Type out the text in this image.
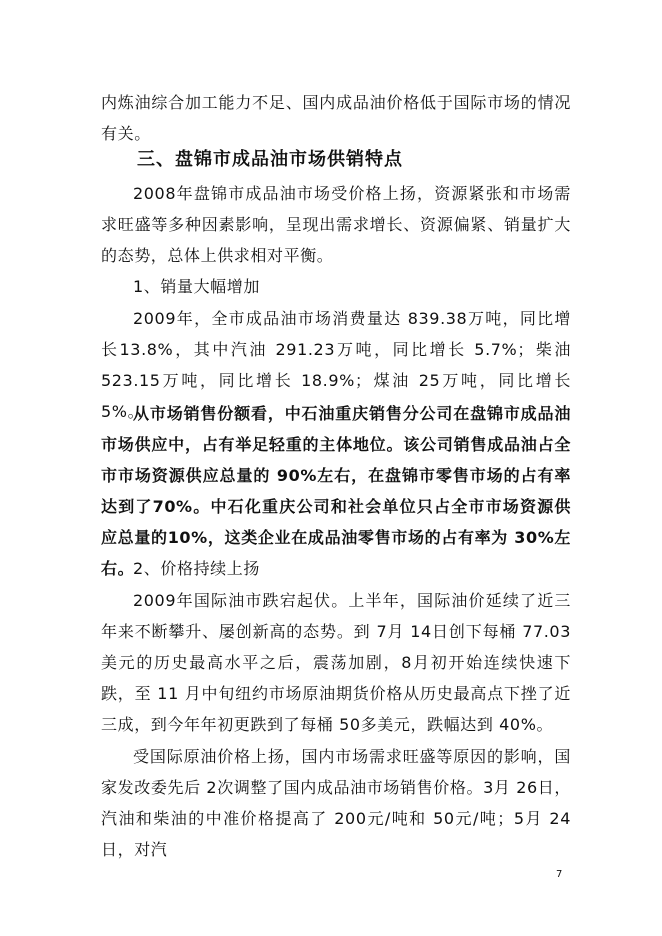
内炼油综合加工能力不足、国内成品油价格低于国际市场的情况有关。

三、盘锦市成品油市场供销特点

2008年盘锦市成品油市场受价格上扬，资源紧张和市场需求旺盛等多种因素影响，呈现出需求增长、资源偏紧、销量扩大的态势，总体上供求相对平衡。

1、销量大幅增加

2009年，全市成品油市场消费量达 839.38万吨，同比增长13.8%，其中汽油 291.23万吨，同比增长 5.7%；柴油 523.15万吨，同比增长 18.9%；煤油 25万吨，同比增长 5%。

从市场销售份额看，中石油重庆销售分公司在盘锦市成品油市场供应中，占有举足轻重的主体地位。该公司销售成品油占全市市场资源供应总量的 90%左右，在盘锦市零售市场的占有率达到了70%。中石化重庆公司和社会单位只占全市市场资源供应总量的10%，这类企业在成品油零售市场的占有率为 30%左右。

2、价格持续上扬

2009年国际油市跌宕起伏。上半年，国际油价延续了近三年来不断攀升、屡创新高的态势。到 7月 14日创下每桶 77.03美元的历史最高水平之后，震荡加剧，8月初开始连续快速下跌，至 11 月中旬纽约市场原油期货价格从历史最高点下挫了近三成，到今年年初更跌到了每桶 50多美元，跌幅达到 40%。

受国际原油价格上扬，国内市场需求旺盛等原因的影响，国家发改委先后 2次调整了国内成品油市场销售价格。3月 26日，汽油和柴油的中准价格提高了 200元/吨和 50元/吨；5月 24日，对汽

7
